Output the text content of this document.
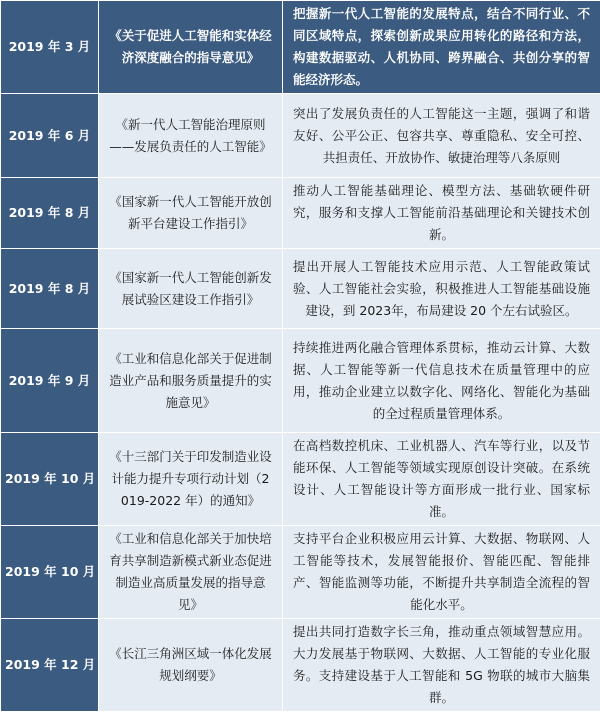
2019 年 3 月	《关于促进人工智能和实体经济深度融合的指导意见》	把握新一代人工智能的发展特点，结合不同行业、不同区域特点，探索创新成果应用转化的路径和方法，构建数据驱动、人机协同、跨界融合、共创分享的智能经济形态。
2019 年 6 月	《新一代人工智能治理原则——发展负责任的人工智能》	突出了发展负责任的人工智能这一主题，强调了和谐友好、公平公正、包容共享、尊重隐私、安全可控、共担责任、开放协作、敏捷治理等八条原则
2019 年 8 月	《国家新一代人工智能开放创新平台建设工作指引》	推动人工智能基础理论、模型方法、基础软硬件研究，服务和支撑人工智能前沿基础理论和关键技术创新。
2019 年 8 月	《国家新一代人工智能创新发展试验区建设工作指引》	提出开展人工智能技术应用示范、人工智能政策试验、人工智能社会实验，积极推进人工智能基础设施建设，到 2023年，布局建设 20 个左右试验区。
2019 年 9 月	《工业和信息化部关于促进制造业产品和服务质量提升的实施意见》	持续推进两化融合管理体系贯标，推动云计算、大数据、人工智能等新一代信息技术在质量管理中的应用，推动企业建立以数字化、网络化、智能化为基础的全过程质量管理体系。
2019 年 10 月	《十三部门关于印发制造业设计能力提升专项行动计划（2019-2022 年）的通知》	在高档数控机床、工业机器人、汽车等行业，以及节能环保、人工智能等领域实现原创设计突破。在系统设计、人工智能设计等方面形成一批行业、国家标准。
2019 年 10 月	《工业和信息化部关于加快培育共享制造新模式新业态促进制造业高质量发展的指导意见》	支持平台企业积极应用云计算、大数据、物联网、人工智能等技术，发展智能报价、智能匹配、智能排产、智能监测等功能，不断提升共享制造全流程的智能化水平。
2019 年 12 月	《长江三角洲区域一体化发展规划纲要》	提出共同打造数字长三角，推动重点领域智慧应用。大力发展基于物联网、大数据、人工智能的专业化服务。支持建设基于人工智能和 5G 物联的城市大脑集群。
